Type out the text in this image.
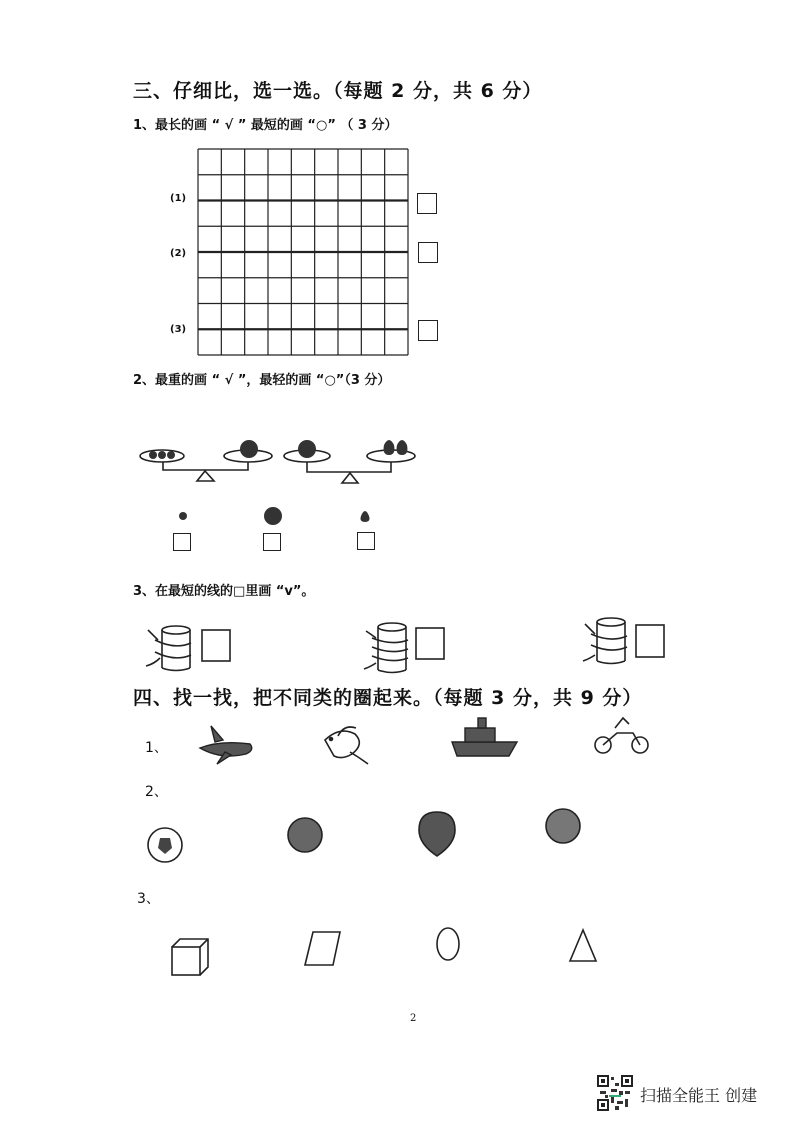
三、仔细比，选一选。（每题 2 分，共 6 分）
1、最长的画 “ √ ” 最短的画 “○” （ 3 分）
(1)
(2)
(3)
2、最重的画 “ √ ”，最轻的画 “○”（3 分）
3、在最短的线的□里画 “v”。
四、找一找，把不同类的圈起来。（每题 3 分，共 9 分）
1、
2、
3、
2
扫描全能王 创建
